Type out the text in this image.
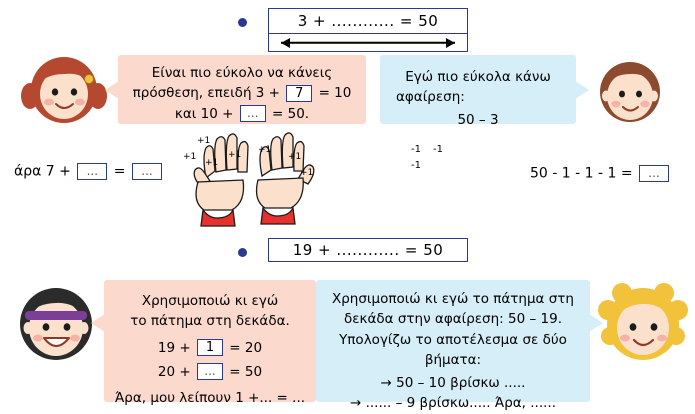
3 + ............ = 50
Είναι πιο εύκολο να κάνεις
πρόσθεση, επειδή 3 + 7 = 10
και 10 + ... = 50.
Εγώ πιο εύκολα κάνω
αφαίρεση:
50 – 3
άρα 7 + ... = ...
+1
+1
+1
+1 +1
+1
+1
-1 -1
-1	50 - 1 - 1 - 1 = ...
19 + ............ = 50
Χρησιμοποιώ κι εγώ
το πάτημα στη δεκάδα.
19 + 1 = 20
20 + ... = 50
Άρα, μου λείπουν 1 +... = ...
Χρησιμοποιώ κι εγώ το πάτημα στη
δεκάδα στην αφαίρεση: 50 – 19.
Υπολογίζω το αποτέλεσμα σε δύο
βήματα:
→ 50 – 10 βρίσκω .....
→ ...... – 9 βρίσκω..... Άρα, ......
